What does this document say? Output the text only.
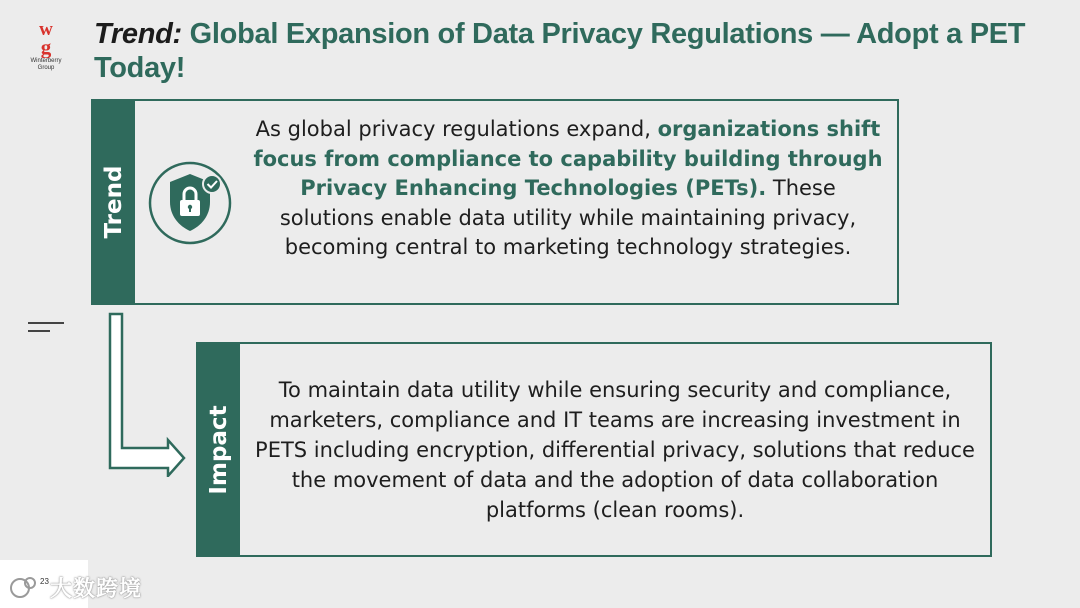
w
g
Winterberry
Group
Trend: Global Expansion of Data Privacy Regulations — Adopt a PET Today!
Trend
As global privacy regulations expand, organizations shift focus from compliance to capability building through Privacy Enhancing Technologies (PETs). These solutions enable data utility while maintaining privacy, becoming central to marketing technology strategies.
Impact
To maintain data utility while ensuring security and compliance, marketers, compliance and IT teams are increasing investment in PETS including encryption, differential privacy, solutions that reduce the movement of data and the adoption of data collaboration platforms (clean rooms).
23 大数跨境
